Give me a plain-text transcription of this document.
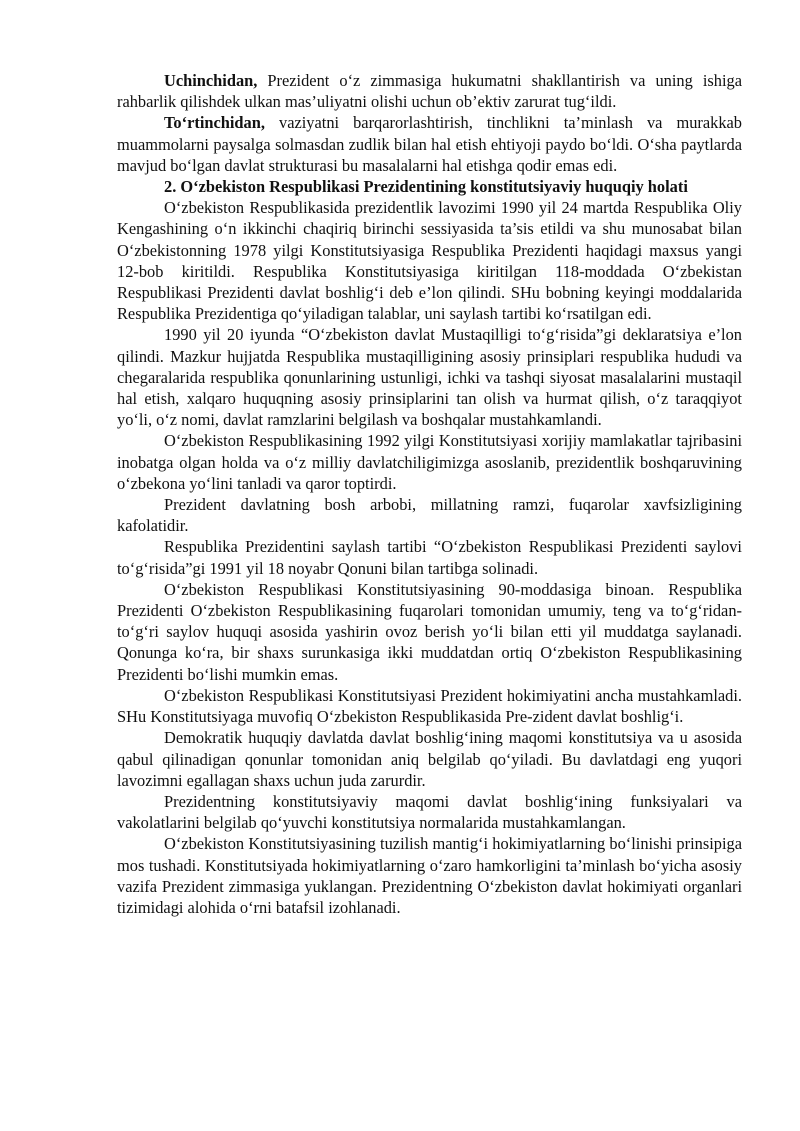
Uchinchidan, Prezident o‘z zimmasiga hukumatni shakllantirish va uning ishiga rahbarlik qilishdek ulkan mas’uliyatni olishi uchun ob’ektiv zarurat tug‘ildi.

To‘rtinchidan, vaziyatni barqarorlashtirish, tinchlikni ta’minlash va murakkab muammolarni paysalga solmasdan zudlik bilan hal etish ehtiyoji paydo bo‘ldi. O‘sha paytlarda mavjud bo‘lgan davlat strukturasi bu masalalarni hal etishga qodir emas edi.

2. O‘zbekiston Respublikasi Prezidentining konstitutsiyaviy huquqiy holati

O‘zbekiston Respublikasida prezidentlik lavozimi 1990 yil 24 martda Respublika Oliy Kengashining o‘n ikkinchi chaqiriq birinchi sessiyasida ta’sis etildi va shu munosabat bilan O‘zbekistonning 1978 yilgi Konstitutsiyasiga Respublika Prezidenti haqidagi maxsus yangi 12-bob kiritildi. Respublika Konstitutsiyasiga kiritilgan 118-moddada O‘zbekistan Respublikasi Prezidenti davlat boshlig‘i deb e’lon qilindi. SHu bobning keyingi moddalarida Respublika Prezidentiga qo‘yiladigan talablar, uni saylash tartibi ko‘rsatilgan edi.

1990 yil 20 iyunda “O‘zbekiston davlat Mustaqilligi to‘g‘risida”gi deklaratsiya e’lon qilindi. Mazkur hujjatda Respublika mustaqilligining asosiy prinsiplari respublika hududi va chegaralarida respublika qonunlarining ustunligi, ichki va tashqi siyosat masalalarini mustaqil hal etish, xalqaro huquqning asosiy prinsiplarini tan olish va hurmat qilish, o‘z taraqqiyot yo‘li, o‘z nomi, davlat ramzlarini belgilash va boshqalar mustahkamlandi.

O‘zbekiston Respublikasining 1992 yilgi Konstitutsiyasi xorijiy mamlakatlar tajribasini inobatga olgan holda va o‘z milliy davlatchiligimizga asoslanib, prezidentlik boshqaruvining o‘zbekona yo‘lini tanladi va qaror toptirdi.

Prezident davlatning bosh arbobi, millatning ramzi, fuqarolar xavfsizligining kafolatidir.

Respublika Prezidentini saylash tartibi “O‘zbekiston Respublikasi Prezidenti saylovi to‘g‘risida”gi 1991 yil 18 noyabr Qonuni bilan tartibga solinadi.

O‘zbekiston Respublikasi Konstitutsiyasining 90-moddasiga binoan. Respublika Prezidenti O‘zbekiston Respublikasining fuqarolari tomonidan umumiy, teng va to‘g‘ridan-to‘g‘ri saylov huquqi asosida yashirin ovoz berish yo‘li bilan etti yil muddatga saylanadi. Qonunga ko‘ra, bir shaxs surunkasiga ikki muddatdan ortiq O‘zbekiston Respublikasining Prezidenti bo‘lishi mumkin emas.

O‘zbekiston Respublikasi Konstitutsiyasi Prezident hokimiyatini ancha mustahkamladi. SHu Konstitutsiyaga muvofiq O‘zbekiston Respublikasida Pre-zident davlat boshlig‘i.

Demokratik huquqiy davlatda davlat boshlig‘ining maqomi konstitutsiya va u asosida qabul qilinadigan qonunlar tomonidan aniq belgilab qo‘yiladi. Bu davlatdagi eng yuqori lavozimni egallagan shaxs uchun juda zarurdir.

Prezidentning konstitutsiyaviy maqomi davlat boshlig‘ining funksiyalari va vakolatlarini belgilab qo‘yuvchi konstitutsiya normalarida mustahkamlangan.

O‘zbekiston Konstitutsiyasining tuzilish mantig‘i hokimiyatlarning bo‘linishi prinsipiga mos tushadi. Konstitutsiyada hokimiyatlarning o‘zaro hamkorligini ta’minlash bo‘yicha asosiy vazifa Prezident zimmasiga yuklangan. Prezidentning O‘zbekiston davlat hokimiyati organlari tizimidagi alohida o‘rni batafsil izohlanadi.
